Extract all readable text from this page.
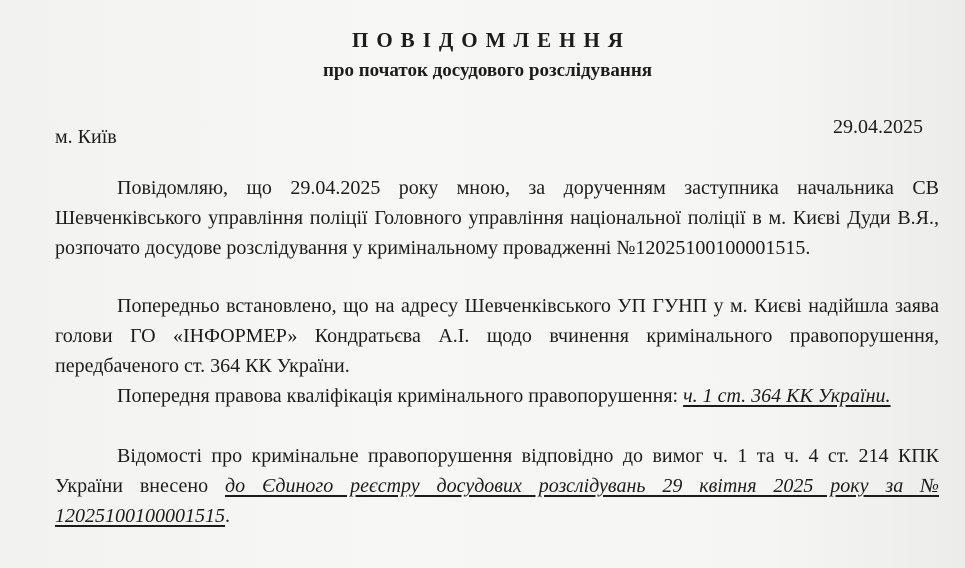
ПОВІДОМЛЕННЯ
про початок досудового розслідування
м. Київ	29.04.2025

Повідомляю, що 29.04.2025 року мною, за дорученням заступника начальника СВ Шевченківського управління поліції Головного управління національної поліції в м. Києві Дуди В.Я., розпочато досудове розслідування у кримінальному провадженні №12025100100001515.

Попередньо встановлено, що на адресу Шевченківського УП ГУНП у м. Києві надійшла заява голови ГО «ІНФОРМЕР» Кондратьєва А.І. щодо вчинення кримінального правопорушення, передбаченого ст. 364 КК України.

Попередня правова кваліфікація кримінального правопорушення: ч. 1 ст. 364 КК України.

Відомості про кримінальне правопорушення відповідно до вимог ч. 1 та ч. 4 ст. 214 КПК України внесено до Єдиного реєстру досудових розслідувань 29 квітня 2025 року за № 12025100100001515.
